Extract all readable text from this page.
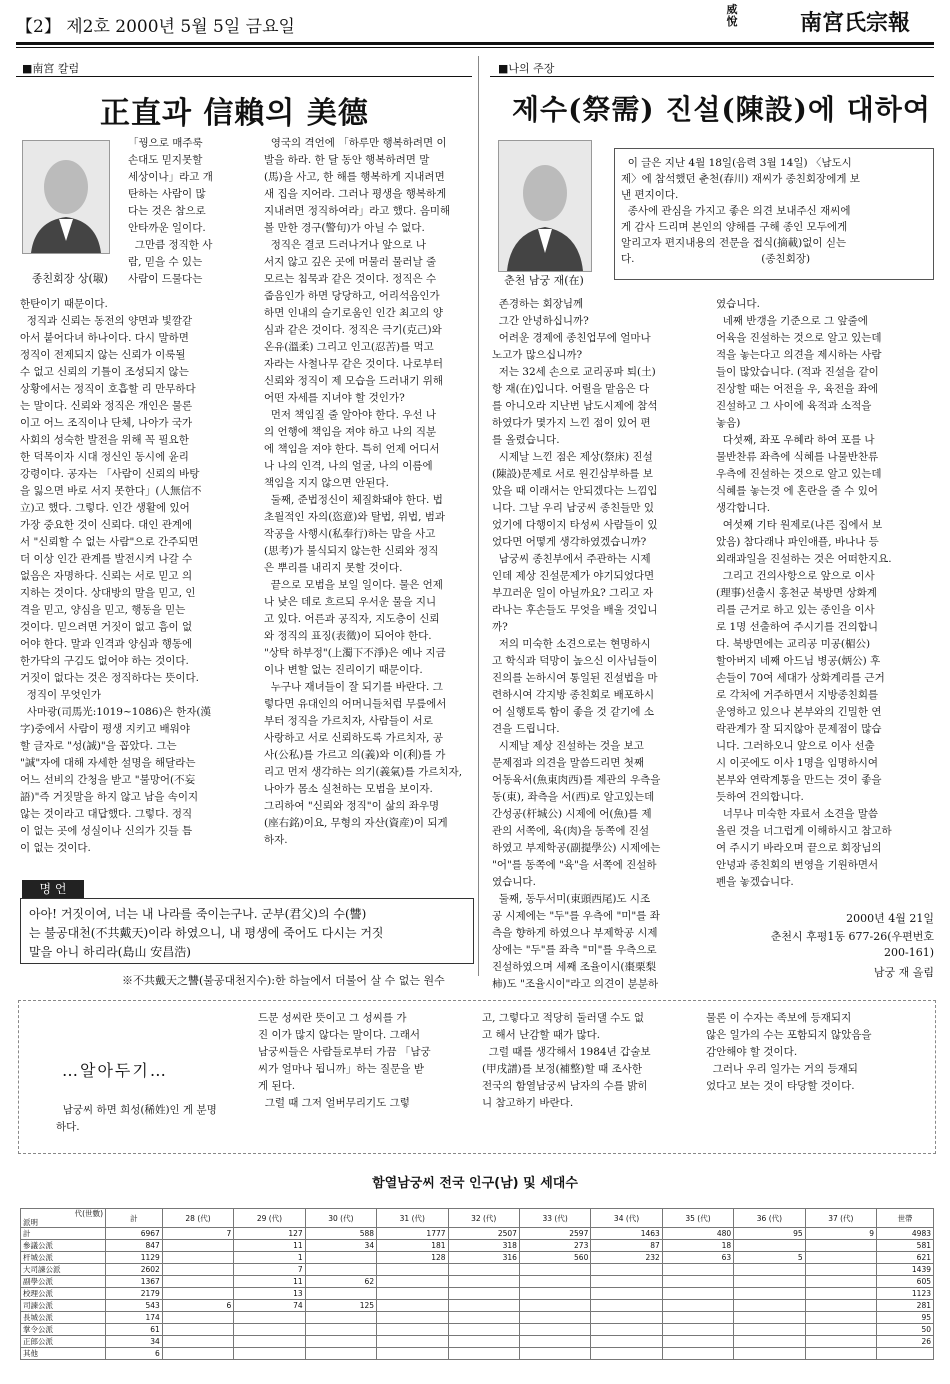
【2】 제2호 2000년 5월 5일 금요일
威悅	南宮氏宗報
■南宮 칼럼
正直과 信賴의 美德
종친회장 상(琡)
「꿩으로 매주룩
손대도 믿지못할
세상이나」라고 개
탄하는 사람이 많
다는 것은 참으로
안타까운 일이다.
그만큼 정직한 사
람, 믿을 수 있는
사람이 드물다는
한탄이기 때문이다.
정직과 신뢰는 동전의 양면과 빛깔같
아서 붙어다녀 하나이다. 다시 말하면
정직이 전제되지 않는 신뢰가 이룩될
수 없고 신뢰의 기틀이 조성되지 않는
상황에서는 정직이 호흡할 리 만무하다
는 말이다. 신뢰와 정직은 개인은 물론
이고 어느 조직이나 단체, 나아가 국가
사회의 성숙한 발전을 위해 꼭 필요한
한 덕목이자 시대 정신인 동시에 윤리
강령이다. 공자는 「사람이 신뢰의 바탕
을 잃으면 바로 서지 못한다」(人無信不
立)고 했다. 그렇다. 인간 생활에 있어
가장 중요한 것이 신뢰다. 대인 관계에
서 "신뢰할 수 없는 사람"으로 간주되면
더 이상 인간 관계를 발전시켜 나갈 수
없음은 자명하다. 신뢰는 서로 믿고 의
지하는 것이다. 상대방의 말을 믿고, 인
격을 믿고, 양심을 믿고, 행동을 믿는
것이다. 믿으려면 거짓이 없고 흠이 없
어야 한다. 말과 인격과 양심과 행동에
한가닥의 구김도 없어야 하는 것이다.
거짓이 없다는 것은 정직하다는 뜻이다.
정직이 무엇인가
사마광(司馬光:1019~1086)은 한자(漢
字)중에서 사람이 평생 지키고 배워야
할 글자로 "성(誠)"을 꼽았다. 그는
"誠"자에 대해 자세한 설명을 해달라는
어느 선비의 간청을 받고 "불망어(不妄
語)"즉 거짓말을 하지 않고 남을 속이지
않는 것이라고 대답했다. 그렇다. 정직
이 없는 곳에 성실이나 신의가 깃들 틈
이 없는 것이다.
영국의 격언에 「하루만 행복하려면 이
발을 하라. 한 달 동안 행복하려면 말
(馬)을 사고, 한 해를 행복하게 지내려면
새 집을 지어라. 그러나 평생을 행복하게
지내려면 정직하여라」라고 했다. 음미해
볼 만한 경구(警句)가 아닐 수 없다.
정직은 결코 드러나거나 앞으로 나
서지 않고 깊은 곳에 머물러 물러날 줄
모르는 침묵과 같은 것이다. 정직은 수
줍음인가 하면 당당하고, 어리석음인가
하면 인내의 슬기로움인 인간 최고의 양
심과 같은 것이다. 정직은 극기(克己)와
온유(溫柔) 그리고 인고(忍苦)를 먹고
자라는 사철나무 같은 것이다. 나로부터
신뢰와 정직이 제 모습을 드러내기 위해
어떤 자세를 지녀야 할 것인가?
먼저 책임질 줄 알아야 한다. 우선 나
의 언행에 책임을 져야 하고 나의 직분
에 책임을 져야 한다. 특히 언제 어디서
나 나의 인격, 나의 얼굴, 나의 이름에
책임을 지지 않으면 안된다.
둘째, 준법정신이 체질화돼야 한다. 법
초월적인 자의(恣意)와 탈법, 위법, 범과
작공을 사행시(私奉行)하는 맘을 사고
(思考)가 불식되지 않는한 신뢰와 정직
은 뿌리를 내리지 못할 것이다.
끝으로 모범을 보일 일이다. 물은 언제
나 낮은 데로 흐르되 우서운 물을 지니
고 있다. 어른과 공직자, 지도층이 신뢰
와 정직의 표징(表徵)이 되어야 한다.
"상탁 하부정"(上濁下不淨)은 예나 지금
이나 변할 없는 진리이기 때문이다.
누구나 재녀들이 잘 되기를 바란다. 그
렇다면 유대인의 어머니들처럼 무릎에서
부터 정직을 가르치자, 사람들이 서로
사랑하고 서로 신뢰하도록 가르치자, 공
사(公私)를 가르고 의(義)와 이(利)를 가
리고 먼저 생각하는 의기(義氣)를 가르치자,
나아가 몸소 실천하는 모범을 보이자.
그리하여 "신뢰와 정직"이 삶의 좌우명
(座右銘)이요, 무형의 자산(資産)이 되게
하자.
명 언
아아! 거짓이여, 너는 내 나라를 죽이는구나. 군부(君父)의 수(讐)
는 불공대천(不共戴天)이라 하였으니, 내 평생에 죽어도 다시는 거짓
말을 아니 하리라(島山 安昌浩)
※不共戴天之讐(불공대천지수):한 하늘에서 더불어 살 수 없는 원수
■나의 주장
제수(祭需) 진설(陳設)에 대하여
춘천 남궁 재(在)
이 글은 지난 4월 18일(음력 3월 14일) 〈남도시
제〉에 참석했던 춘천(春川) 재씨가 종친회장에게 보
낸 편지이다.
종사에 관심을 가지고 좋은 의견 보내주신 재씨에
게 감사 드리며 본인의 양해를 구해 종인 모두에게
알리고자 편지내용의 전문을 접식(摘載)없이 싣는
다.                                      (종친회장)
존경하는 회장님께
그간 안녕하십니까?
어려운 경제에 종친업무에 얼마나
노고가 많으십니까?
저는 32세 손으로 교리공파 퇴(土)
항 재(在)입니다. 어릴을 맡음은 다
를 아니오라 지난번 남도시제에 참석
하였다가 몇가지 느낀 점이 있어 편
를 올렸습니다.
시제날 느낀 점은 제상(祭床) 진설
(陳設)문제로 서로 원긴삼부하를 보
았을 때 이래서는 안되겠다는 느낌입
니다. 그날 우리 남궁씨 종친들만 있
었기에 다행이지 타성씨 사람들이 있
었다면 어떻게 생각하였겠습니까?
남궁씨 종친부에서 주관하는 시제
인데 제상 진설문제가 야기되었다면
부끄러운 일이 아닐까요? 그리고 자
라나는 후손들도 무엇을 배울 것입니
까?
저의 미숙한 소견으로는 현명하시
고 학식과 덕망이 높으신 이사님들이
진의를 논하시여 통일된 진설법을 마
련하시여 각지방 종친회로 배포하시
어 실행토록 함이 좋을 것 같기에 소
견을 드립니다.
시제날 제상 진설하는 것을 보고
문제점과 의견을 말씀드리면 첫째
어동육서(魚東肉西)를 제관의 우측을
동(東), 좌측을 서(西)로 알고있는데
간성공(杆城公) 시제에 어(魚)를 제
관의 서쪽에, 육(肉)을 동쪽에 진설
하였고 부제학공(副提學公) 시제에는
"어"를 동쪽에 "육"을 서쪽에 진설하
였습니다.
둘째, 동두서미(東頭西尾)도 시조
공 시제에는 "두"를 우측에 "미"를 좌
측을 향하게 하였으나 부제학공 시제
상에는 "두"를 좌측 "미"를 우측으로
진설하였으며 세째 조율이시(棗栗梨
柿)도 "조율시이"라고 의견이 분분하
였습니다.
네째 반갱을 기준으로 그 앞줄에
어육을 진설하는 것으로 알고 있는데
적을 놓는다고 의견을 제시하는 사람
들이 많았습니다. (적과 진설을 같이
진상할 때는 어전을 우, 육전을 좌에
진설하고 그 사이에 육적과 소적을
놓음)
다섯째, 좌포 우혜라 하여 포를 나
물반찬류 좌측에 식혜를 나물반찬류
우측에 진설하는 것으로 알고 있는데
식혜를 놓는것 에 혼란을 줄 수 있어
생각합니다.
여섯째 기타 원제로(나른 집에서 보
았음) 참다래나 파인애플, 바나나 등
외래과일을 진설하는 것은 어떠한지요.
그리고 건의사항으로 앞으로 이사
(理事)선출시 홍천군 북방면 상화계
리를 근거로 하고 있는 종인을 이사
로 1명 선출하여 주시기를 건의합니
다. 북방면에는 교리공 미공(楣公)
할아버지 네째 아드님 병공(炳公) 후
손들이 70여 세대가 상화계리를 근거
로 각처에 거주하면서 지방종친회를
운영하고 있으나 본부와의 긴밀한 연
락관계가 잘 되지않아 문제점이 많습
니다. 그러하오니 앞으로 이사 선출
시 이곳에도 이사 1명을 임명하시여
본부와 연락계통을 만드는 것이 좋을
듯하여 건의합니다.
너무나 미숙한 자료서 소견을 말씀
올린 것을 너그럽게 이해하시고 참고하
여 주시기 바라오며 끝으로 회장님의
안녕과 종친회의 번영을 기원하면서
펜을 놓겠습니다.
2000년 4월 21일
춘천시 후평1동 677-26(우편번호
200-161)
남궁 재 올림
…알아두기…
남궁씨 하면 희성(稀姓)인 게 분명
하다.
드문 성씨란 뜻이고 그 성씨를 가
진 이가 많지 않다는 말이다. 그래서
남궁씨들은 사람들로부터 가끔 「남궁
씨가 얼마나 됩니까」하는 질문을 받
게 된다.
그럴 때 그저 얼버무리기도 그렇
고, 그렇다고 적당히 둘러댈 수도 없
고 해서 난감할 때가 많다.
그럴 때를 생각해서 1984년 갑술보
(甲戌譜)를 보정(補整)할 때 조사한
전국의 함열남궁씨 남자의 수를 밝히
니 참고하기 바란다.
물론 이 수자는 족보에 등재되지
않은 일가의 수는 포함되지 않았음을
감안해야 할 것이다.
그러나 우리 일가는 거의 등재되
었다고 보는 것이 타당할 것이다.
함열남궁씨 전국 인구(남) 및 세대수
代(世數)
派明	計	28 (代)	29 (代)	30 (代)	31 (代)	32 (代)	33 (代)	34 (代)	35 (代)	36 (代)	37 (代)	世帶
計	6967	7	127	588	1777	2507	2597	1463	480	95	9	4983
參議公派	847		11	34	181	318	273	87	18			581
杆城公派	1129		1		128	316	560	232	63	5		621
大司諫公派	2602		7									1439
副學公派	1367		11	62								605
校理公派	2179		13									1123
司諫公派	543	6	74	125								281
長城公派	174											95
掌令公派	61											50
正郎公派	34											26
其他	6											
